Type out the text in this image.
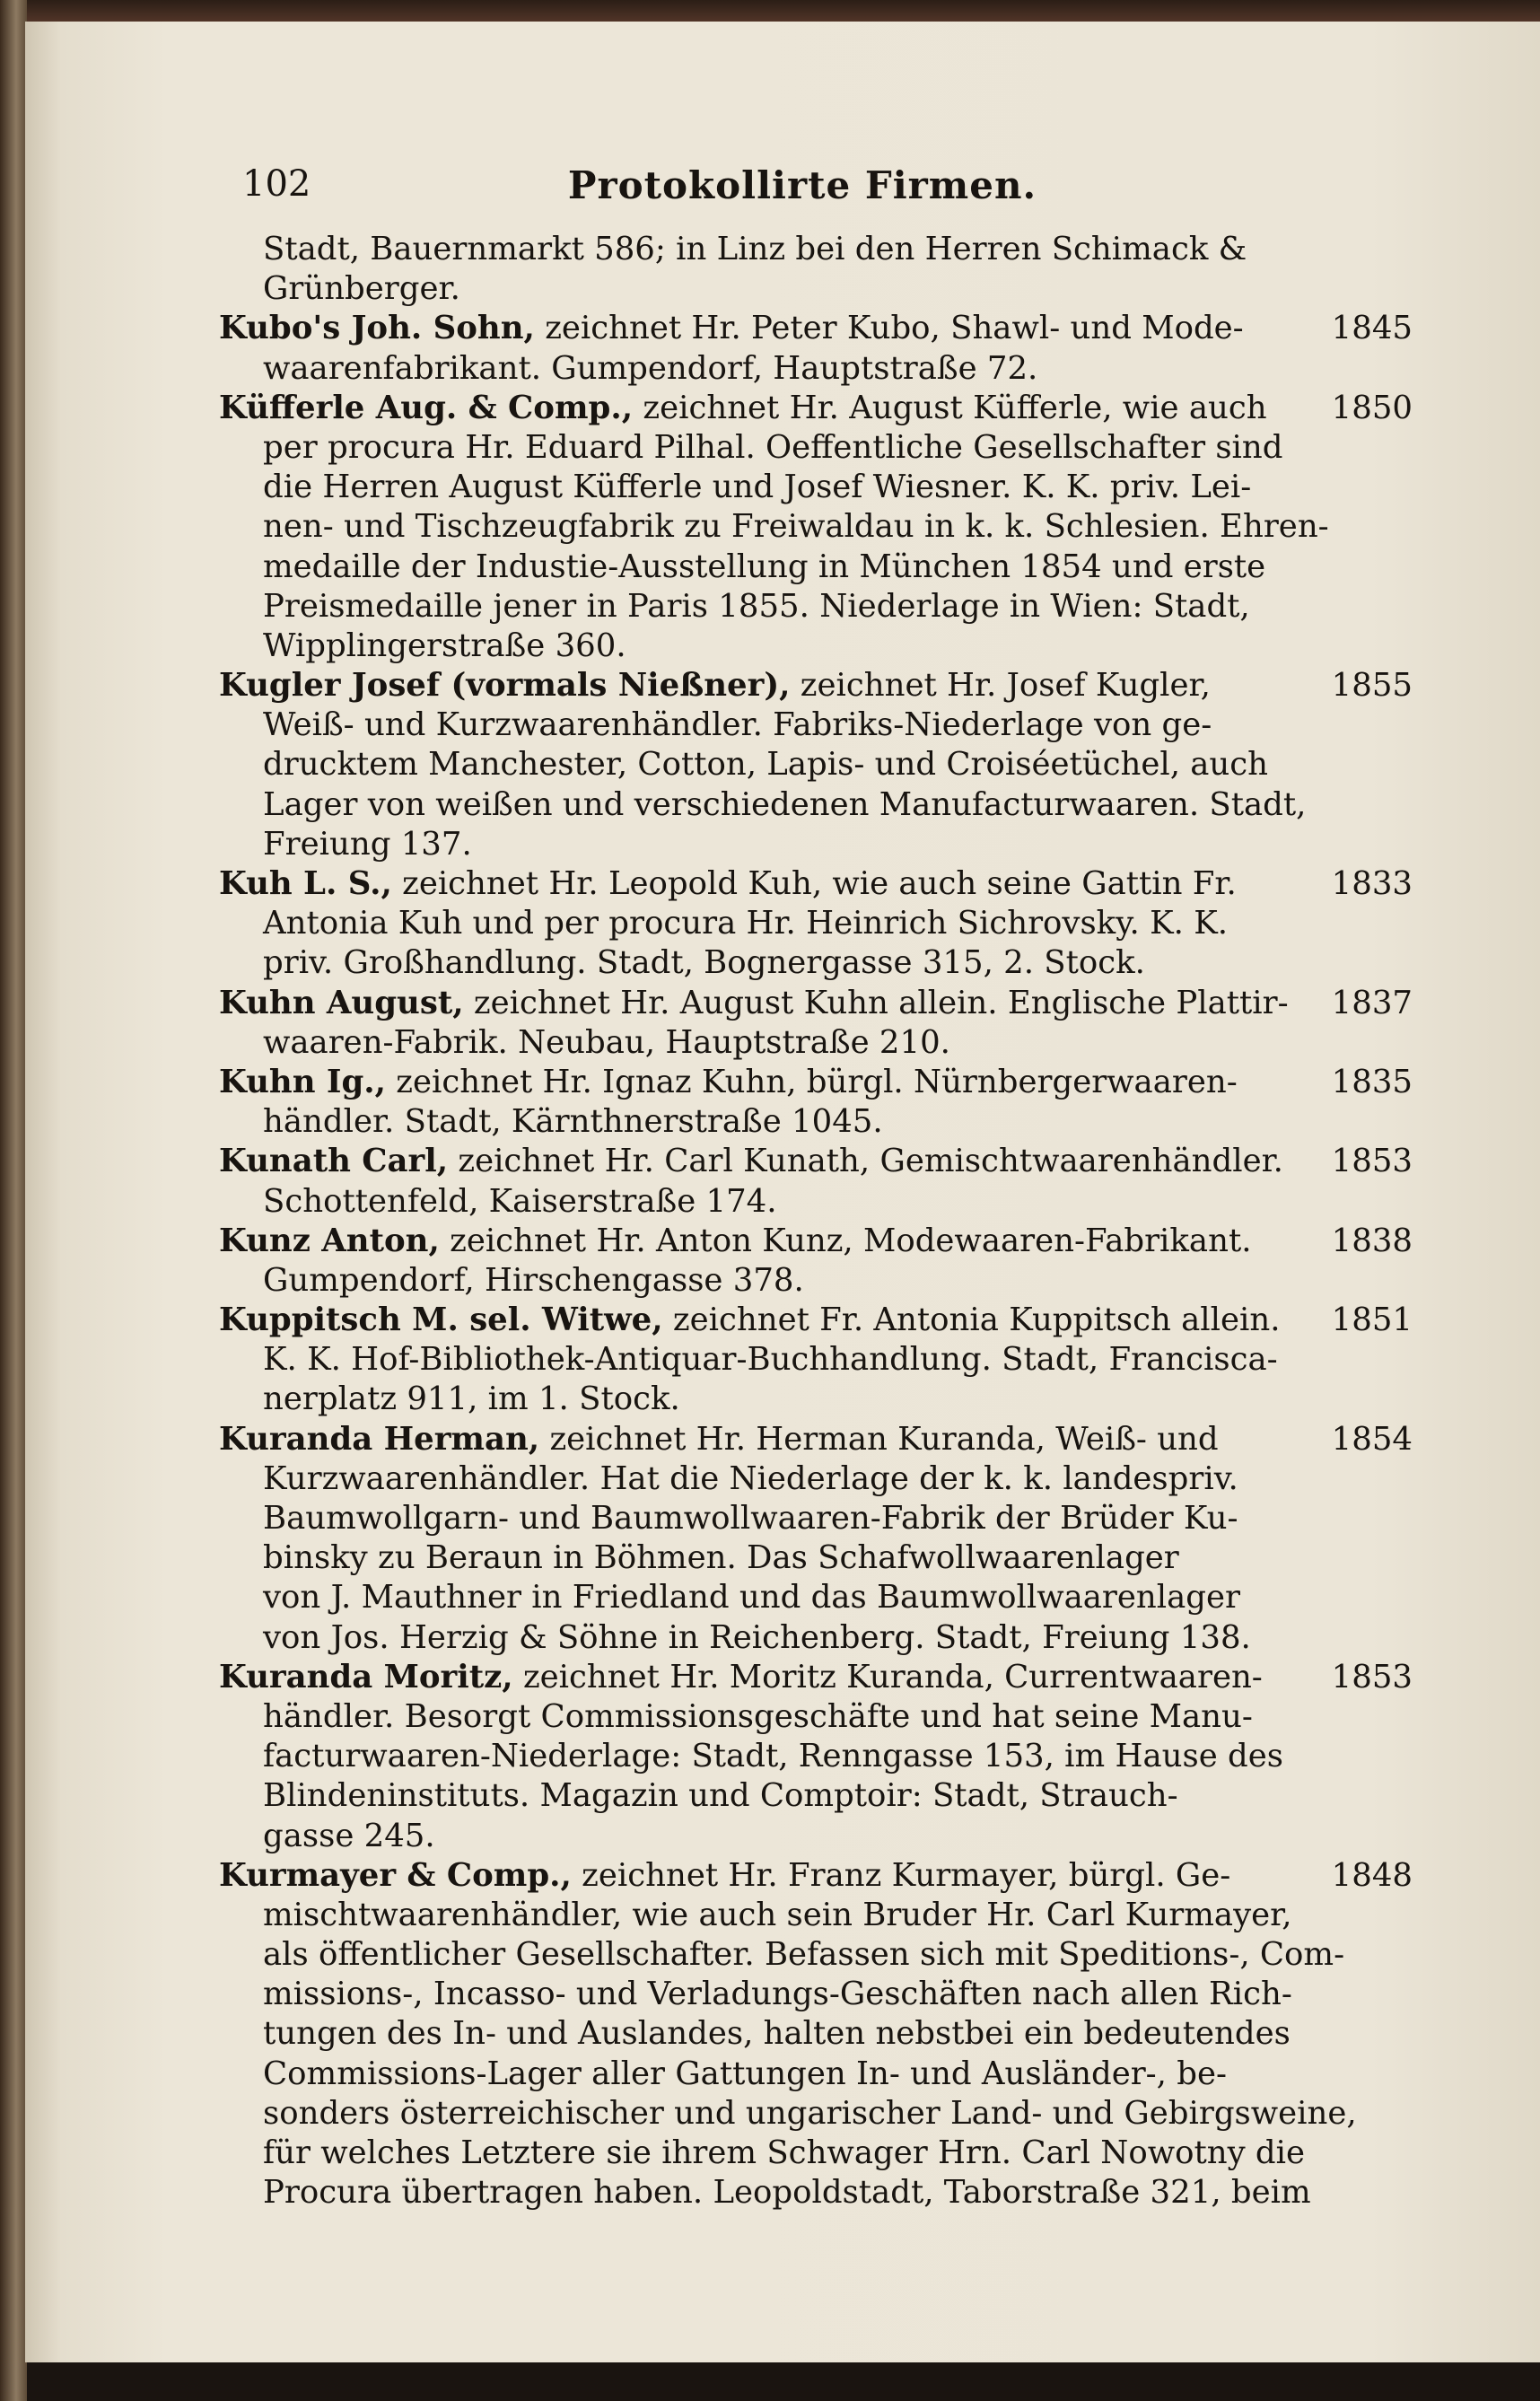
102	Protokollirte Firmen.
Stadt, Bauernmarkt 586; in Linz bei den Herren Schimack &
Grünberger.
Kubo's Joh. Sohn, zeichnet Hr. Peter Kubo, Shawl- und Mode-	1845
waarenfabrikant. Gumpendorf, Hauptstraße 72.
Küfferle Aug. & Comp., zeichnet Hr. August Küfferle, wie auch	1850
per procura Hr. Eduard Pilhal. Oeffentliche Gesellschafter sind
die Herren August Küfferle und Josef Wiesner. K. K. priv. Lei-
nen- und Tischzeugfabrik zu Freiwaldau in k. k. Schlesien. Ehren-
medaille der Industie-Ausstellung in München 1854 und erste
Preismedaille jener in Paris 1855. Niederlage in Wien: Stadt,
Wipplingerstraße 360.
Kugler Josef (vormals Nießner), zeichnet Hr. Josef Kugler,	1855
Weiß- und Kurzwaarenhändler. Fabriks-Niederlage von ge-
drucktem Manchester, Cotton, Lapis- und Croiséetüchel, auch
Lager von weißen und verschiedenen Manufacturwaaren. Stadt,
Freiung 137.
Kuh L. S., zeichnet Hr. Leopold Kuh, wie auch seine Gattin Fr.	1833
Antonia Kuh und per procura Hr. Heinrich Sichrovsky. K. K.
priv. Großhandlung. Stadt, Bognergasse 315, 2. Stock.
Kuhn August, zeichnet Hr. August Kuhn allein. Englische Plattir-	1837
waaren-Fabrik. Neubau, Hauptstraße 210.
Kuhn Ig., zeichnet Hr. Ignaz Kuhn, bürgl. Nürnbergerwaaren-	1835
händler. Stadt, Kärnthnerstraße 1045.
Kunath Carl, zeichnet Hr. Carl Kunath, Gemischtwaarenhändler.	1853
Schottenfeld, Kaiserstraße 174.
Kunz Anton, zeichnet Hr. Anton Kunz, Modewaaren-Fabrikant.	1838
Gumpendorf, Hirschengasse 378.
Kuppitsch M. sel. Witwe, zeichnet Fr. Antonia Kuppitsch allein.	1851
K. K. Hof-Bibliothek-Antiquar-Buchhandlung. Stadt, Francisca-
nerplatz 911, im 1. Stock.
Kuranda Herman, zeichnet Hr. Herman Kuranda, Weiß- und	1854
Kurzwaarenhändler. Hat die Niederlage der k. k. landespriv.
Baumwollgarn- und Baumwollwaaren-Fabrik der Brüder Ku-
binsky zu Beraun in Böhmen. Das Schafwollwaarenlager
von J. Mauthner in Friedland und das Baumwollwaarenlager
von Jos. Herzig & Söhne in Reichenberg. Stadt, Freiung 138.
Kuranda Moritz, zeichnet Hr. Moritz Kuranda, Currentwaaren-	1853
händler. Besorgt Commissionsgeschäfte und hat seine Manu-
facturwaaren-Niederlage: Stadt, Renngasse 153, im Hause des
Blindeninstituts. Magazin und Comptoir: Stadt, Strauch-
gasse 245.
Kurmayer & Comp., zeichnet Hr. Franz Kurmayer, bürgl. Ge-	1848
mischtwaarenhändler, wie auch sein Bruder Hr. Carl Kurmayer,
als öffentlicher Gesellschafter. Befassen sich mit Speditions-, Com-
missions-, Incasso- und Verladungs-Geschäften nach allen Rich-
tungen des In- und Auslandes, halten nebstbei ein bedeutendes
Commissions-Lager aller Gattungen In- und Ausländer-, be-
sonders österreichischer und ungarischer Land- und Gebirgsweine,
für welches Letztere sie ihrem Schwager Hrn. Carl Nowotny die
Procura übertragen haben. Leopoldstadt, Taborstraße 321, beim
